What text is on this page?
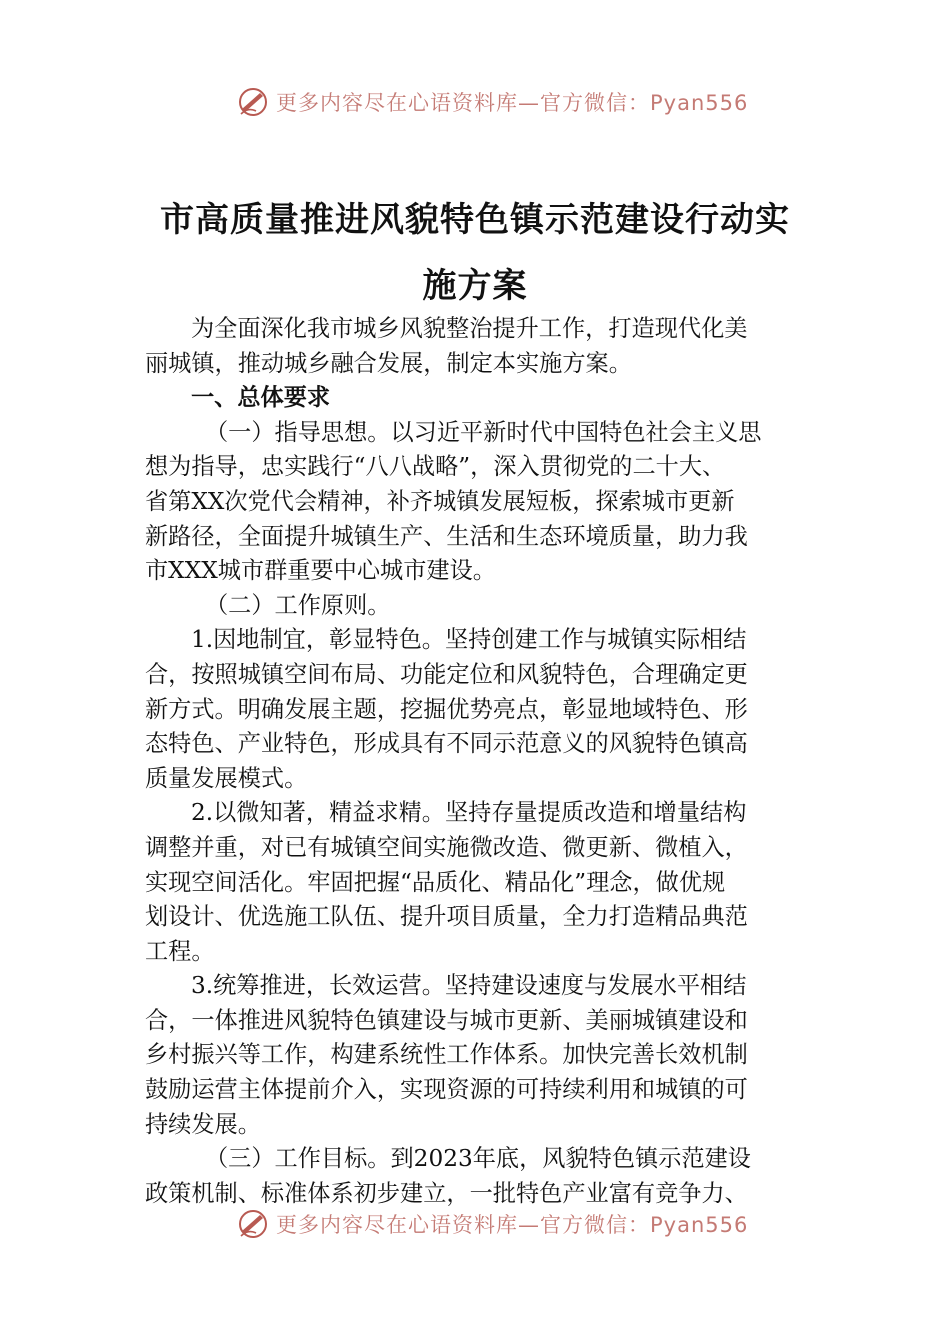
更多内容尽在心语资料库—官方微信：Pyan556
市高质量推进风貌特色镇示范建设行动实
施方案
为全面深化我市城乡风貌整治提升工作，打造现代化美
丽城镇，推动城乡融合发展，制定本实施方案。
一、总体要求
（一）指导思想。以习近平新时代中国特色社会主义思
想为指导，忠实践行“八八战略”，深入贯彻党的二十大、
省第XX次党代会精神，补齐城镇发展短板，探索城市更新
新路径，全面提升城镇生产、生活和生态环境质量，助力我
市XXX城市群重要中心城市建设。
（二）工作原则。
1.因地制宜，彰显特色。坚持创建工作与城镇实际相结
合，按照城镇空间布局、功能定位和风貌特色，合理确定更
新方式。明确发展主题，挖掘优势亮点，彰显地域特色、形
态特色、产业特色，形成具有不同示范意义的风貌特色镇高
质量发展模式。
2.以微知著，精益求精。坚持存量提质改造和增量结构
调整并重，对已有城镇空间实施微改造、微更新、微植入，
实现空间活化。牢固把握“品质化、精品化”理念，做优规
划设计、优选施工队伍、提升项目质量，全力打造精品典范
工程。
3.统筹推进，长效运营。坚持建设速度与发展水平相结
合，一体推进风貌特色镇建设与城市更新、美丽城镇建设和
乡村振兴等工作，构建系统性工作体系。加快完善长效机制
鼓励运营主体提前介入，实现资源的可持续利用和城镇的可
持续发展。
（三）工作目标。到2023年底，风貌特色镇示范建设
政策机制、标准体系初步建立，一批特色产业富有竞争力、
更多内容尽在心语资料库—官方微信：Pyan556
